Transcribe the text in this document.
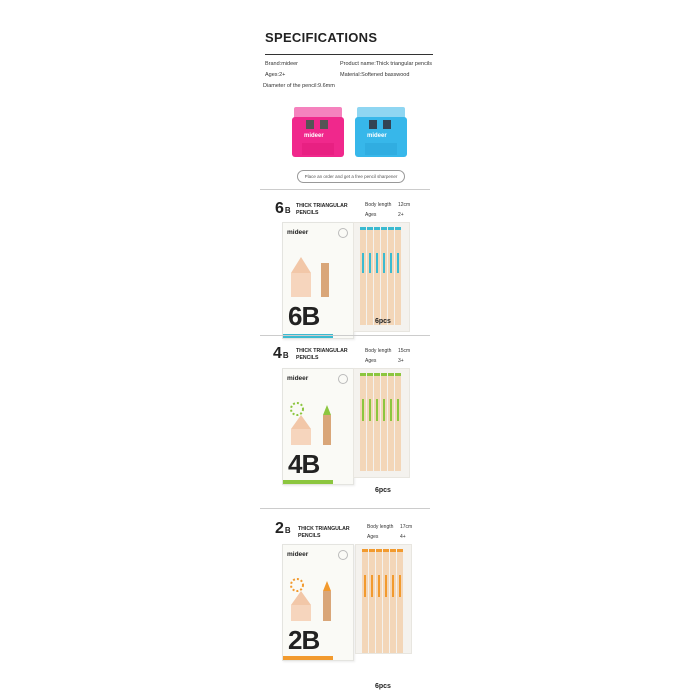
SPECIFICATIONS
Brand:mideer	Product name:Thick triangular pencils
Ages:2+	Material:Softened basswood
Diameter of the pencil:9.6mm
mideer	mideer
Place an order and get a free pencil sharpener
6B THICK TRIANGULAR
PENCILS
Body length 12cm
Ages	2+
mideer
6B	6pcs
4B THICK TRIANGULAR
PENCILS
Body length 15cm
Ages	3+
mideer
4B
6pcs
2B THICK TRIANGULAR
PENCILS
Body length 17cm
Ages	4+
mideer
2B
6pcs
